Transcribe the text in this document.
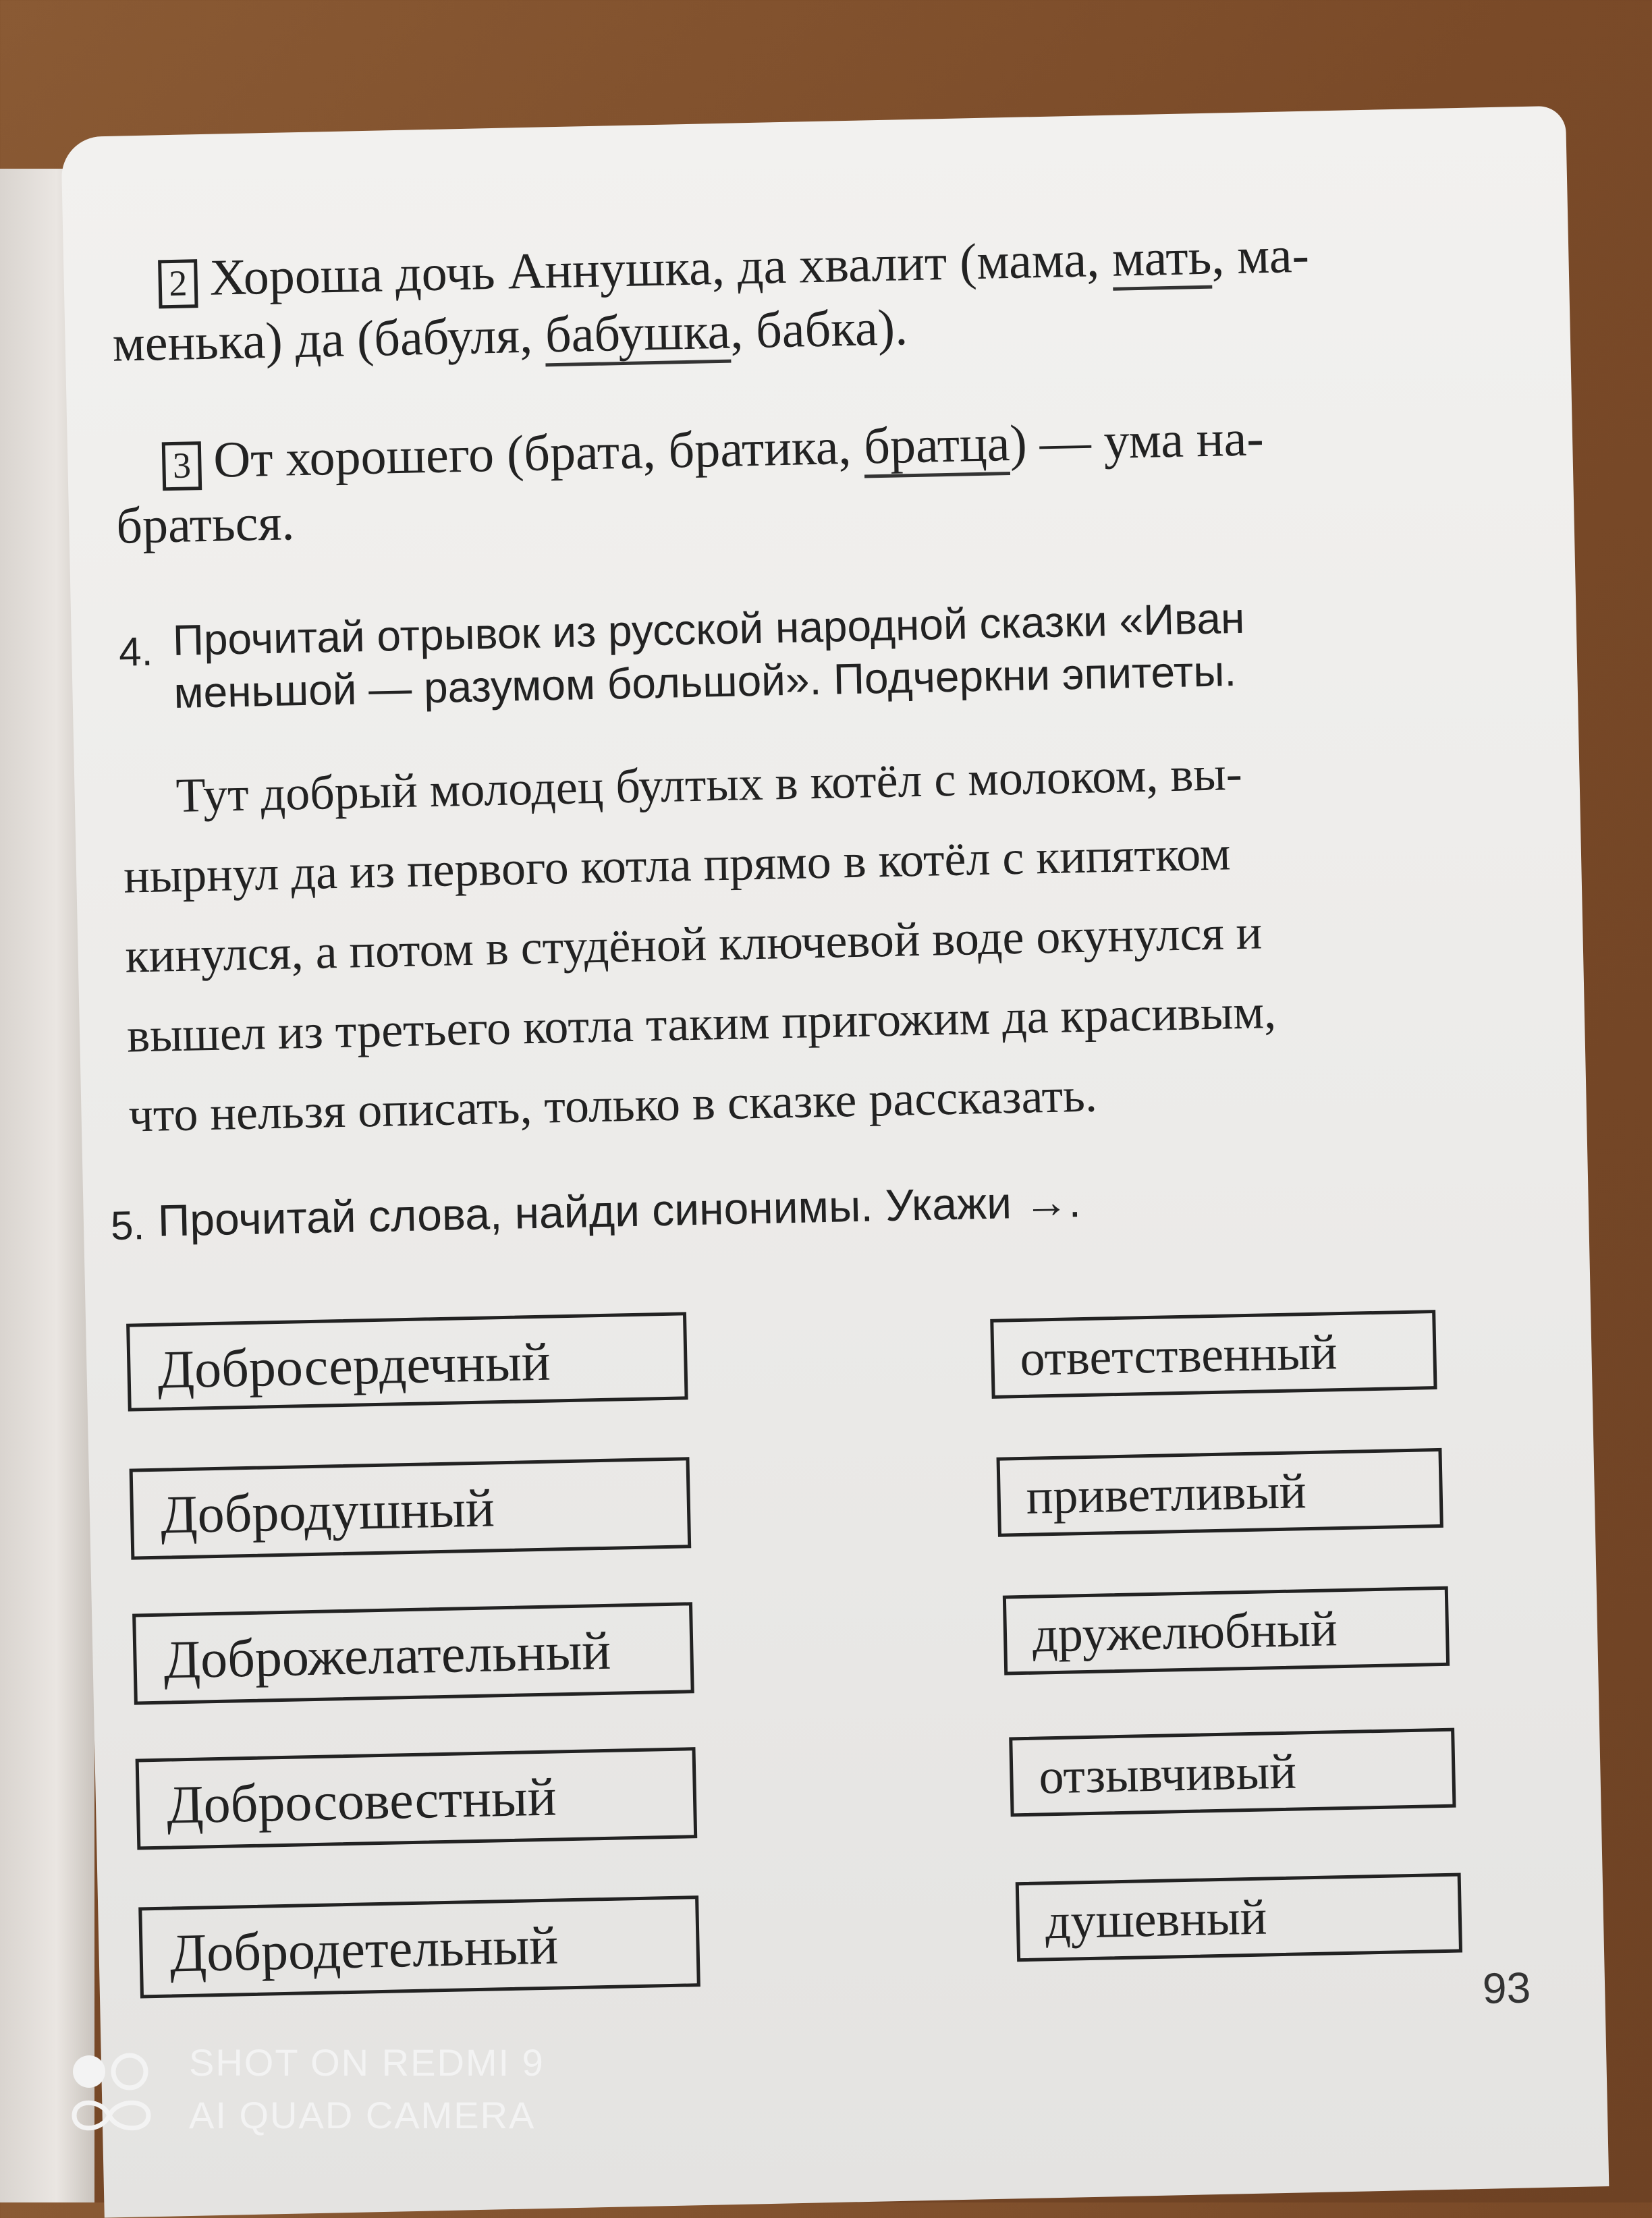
2 Хороша дочь Аннушка, да хвалит (мама, мать, ма-
менька) да (бабуля, бабушка, бабка).
3 От хорошего (брата, братика, братца) — ума на-
браться.
4. Прочитай отрывок из русской народной сказки «Иван
меньшой — разумом большой». Подчеркни эпитеты.
Тут добрый молодец бултых в котёл с молоком, вы-
нырнул да из первого котла прямо в котёл с кипятком
кинулся, а потом в студёной ключевой воде окунулся и
вышел из третьего котла таким пригожим да красивым,
что нельзя описать, только в сказке рассказать.
5. Прочитай слова, найди синонимы. Укажи →.
Добросердечный
Добродушный
Доброжелательный
Добросовестный
Добродетельный
ответственный
приветливый
дружелюбный
отзывчивый
душевный
93
SHOT ON REDMI 9
AI QUAD CAMERA
